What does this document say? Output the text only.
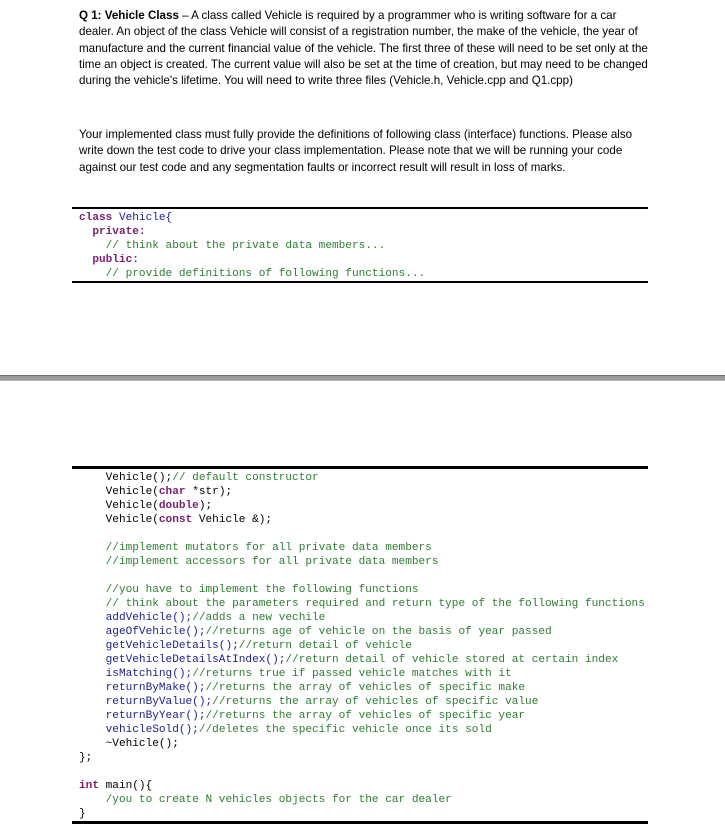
Q 1: Vehicle Class – A class called Vehicle is required by a programmer who is writing software for a car dealer. An object of the class Vehicle will consist of a registration number, the make of the vehicle, the year of manufacture and the current financial value of the vehicle. The first three of these will need to be set only at the time an object is created. The current value will also be set at the time of creation, but may need to be changed during the vehicle's lifetime. You will need to write three files (Vehicle.h, Vehicle.cpp and Q1.cpp)
Your implemented class must fully provide the definitions of following class (interface) functions. Please also write down the test code to drive your class implementation. Please note that we will be running your code against our test code and any segmentation faults or incorrect result will result in loss of marks.
class Vehicle{
private:
// think about the private data members...
public:
// provide definitions of following functions...
Vehicle();// default constructor
Vehicle(char *str);
Vehicle(double);
Vehicle(const Vehicle &);

//implement mutators for all private data members
//implement accessors for all private data members

//you have to implement the following functions
// think about the parameters required and return type of the following functions
addVehicle();//adds a new vechile
ageOfVehicle();//returns age of vehicle on the basis of year passed
getVehicleDetails();//return detail of vehicle
getVehicleDetailsAtIndex();//return detail of vehicle stored at certain index
isMatching();//returns true if passed vehicle matches with it
returnByMake();//returns the array of vehicles of specific make
returnByValue();//returns the array of vehicles of specific value
returnByYear();//returns the array of vehicles of specific year
vehicleSold();//deletes the specific vehicle once its sold
~Vehicle();
};

int main(){
/you to create N vehicles objects for the car dealer
}
